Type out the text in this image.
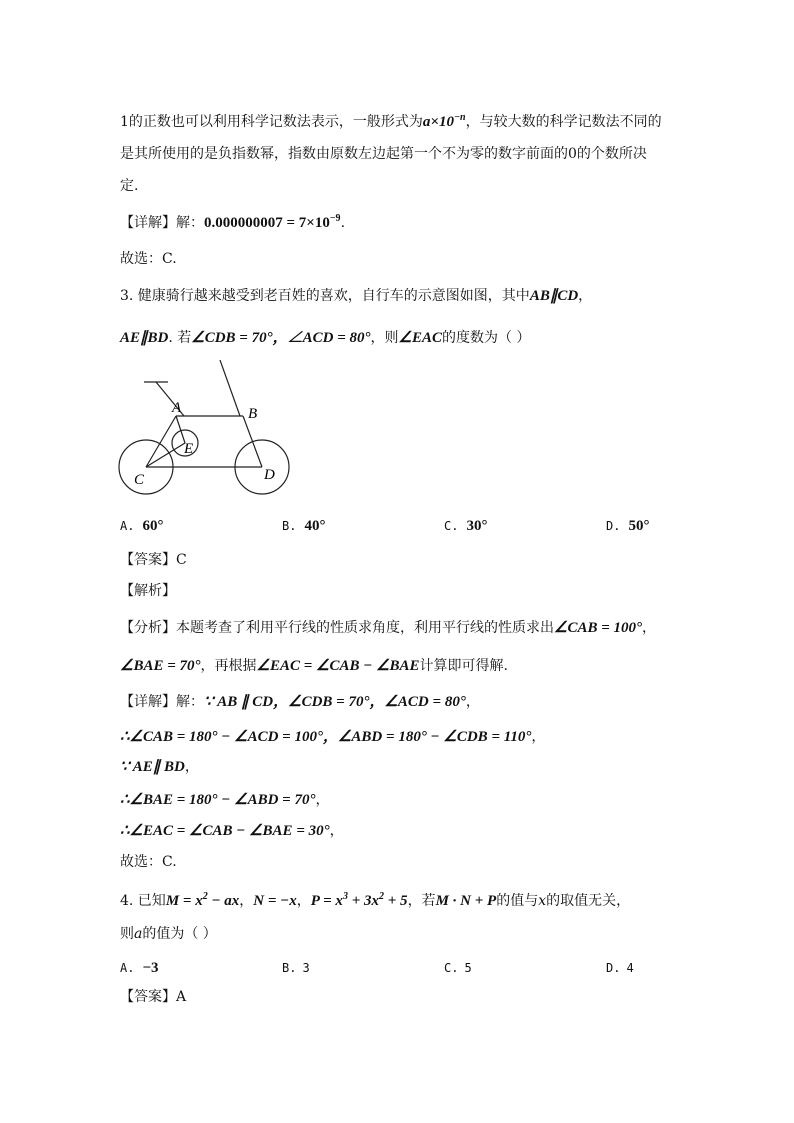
1的正数也可以利用科学记数法表示，一般形式为$a\times 10^{-n}$，与较大数的科学记数法不同的
是其所使用的是负指数幂，指数由原数左边起第一个不为零的数字前面的0的个数所决
定.
【详解】解：$0.000000007 = 7\times 10^{-9}$.
故选：C.
3. 健康骑行越来越受到老百姓的喜欢，自行车的示意图如图，其中AB∥CD，
AE∥BD. 若∠CDB = 70°，∠ACD = 80°，则∠EAC的度数为（ ）
A	B
C	D
E
A. 60°	B. 40°	C. 30°	D. 50°
【答案】C
【解析】
【分析】本题考查了利用平行线的性质求角度，利用平行线的性质求出∠CAB = 100°，
∠BAE = 70°，再根据∠EAC = ∠CAB − ∠BAE计算即可得解.
【详解】解：∵ AB ∥ CD，∠CDB = 70°，∠ACD = 80°，
∴∠CAB = 180° − ∠ACD = 100°，∠ABD = 180° − ∠CDB = 110°，
∵ AE∥ BD，
∴∠BAE = 180° − ∠ABD = 70°，
∴∠EAC = ∠CAB − ∠BAE = 30°，
故选：C.
4. 已知$M = x^2$ − ax，N = −x，$P = x^3 + 3x^2 + 5$，若M · N + P的值与x的取值无关，
则a的值为（ ）
A. −3	B. 3	C. 5	D. 4
【答案】A
